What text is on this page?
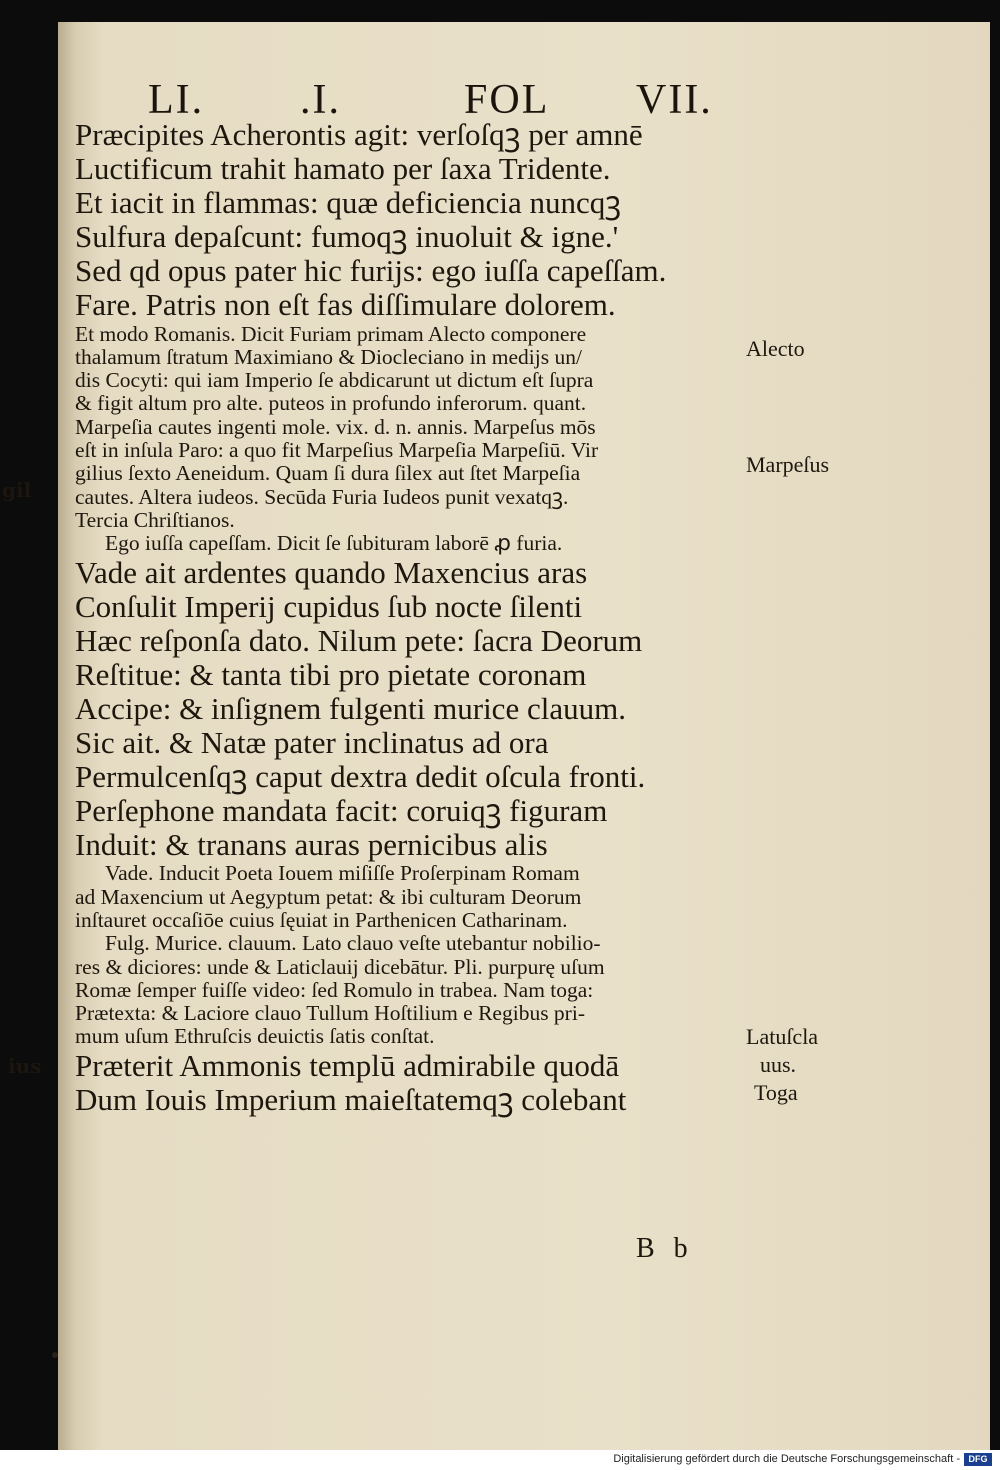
gil
ius
LI. .I.	FOL VII.
Præcipites Acherontis agit: verſoſqꝫ per amnē
Luctificum trahit hamato per ſaxa Tridente.
Et iacit in flammas: quæ deficiencia nuncqꝫ
Sulfura depaſcunt: fumoqꝫ inuoluit & igne.'
Sed qd opus pater hic furijs: ego iuſſa capeſſam.
Fare. Patris non eſt fas diſſimulare dolorem.
Et modo Romanis. Dicit Furiam primam Alecto componere
thalamum ſtratum Maximiano & Diocleciano in medijs un/
dis Cocyti: qui iam Imperio ſe abdicarunt ut dictum eſt ſupra
& figit altum pro alte. puteos in profundo inferorum. quant.
Marpeſia cautes ingenti mole. vix. d. n. annis. Marpeſus mōs
eſt in inſula Paro: a quo fit Marpeſius Marpeſia Marpeſiū. Vir
gilius ſexto Aeneidum. Quam ſi dura ſilex aut ſtet Marpeſia
cautes. Altera iudeos. Secūda Furia Iudeos punit vexatqꝫ.
Tercia Chriſtianos.
Ego iuſſa capeſſam. Dicit ſe ſubituram laborē ꝓ furia.
Vade ait ardentes quando Maxencius aras
Conſulit Imperij cupidus ſub nocte ſilenti
Hæc reſponſa dato. Nilum pete: ſacra Deorum
Reſtitue: & tanta tibi pro pietate coronam
Accipe: & inſignem fulgenti murice clauum.
Sic ait. & Natæ pater inclinatus ad ora
Permulcenſqꝫ caput dextra dedit oſcula fronti.
Perſephone mandata facit: coruiqꝫ figuram
Induit: & tranans auras pernicibus alis
Vade. Inducit Poeta Iouem miſiſſe Proſerpinam Romam
ad Maxencium ut Aegyptum petat: & ibi culturam Deorum
inſtauret occaſiōe cuius ſęuiat in Parthenicen Catharinam.
Fulg. Murice. clauum. Lato clauo veſte utebantur nobilio-
res & diciores: unde & Laticlauij dicebātur. Pli. purpurę uſum
Romæ ſemper fuiſſe video: ſed Romulo in trabea. Nam toga:
Prætexta: & Laciore clauo Tullum Hoſtilium e Regibus pri-
mum uſum Ethruſcis deuictis ſatis conſtat.
Præterit Ammonis templū admirabile quodā
Dum Iouis Imperium maieſtatemqꝫ colebant
Alecto
Marpeſus
Latuſcla
uus.
Toga
B b
Digitalisierung gefördert durch die Deutsche Forschungsgemeinschaft - DFG
